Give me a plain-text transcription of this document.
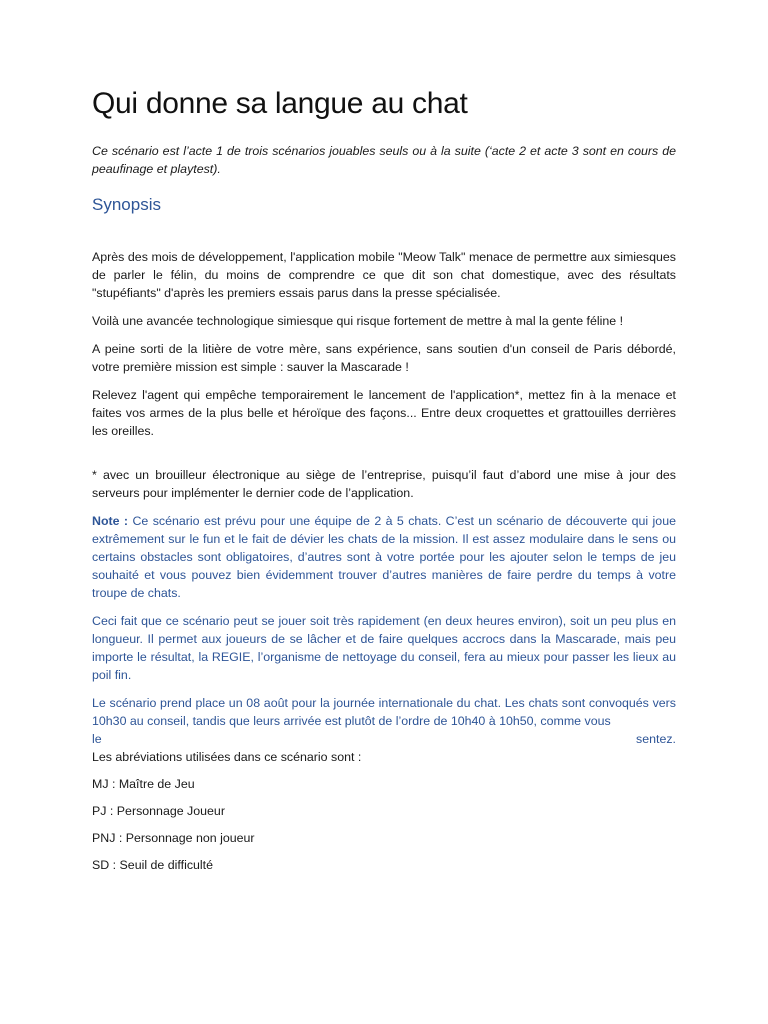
Qui donne sa langue au chat

Ce scénario est l’acte 1 de trois scénarios jouables seuls ou à la suite (‘acte 2 et acte 3 sont en cours de peaufinage et playtest).

Synopsis

Après des mois de développement, l'application mobile "Meow Talk" menace de permettre aux simiesques de parler le félin, du moins de comprendre ce que dit son chat domestique, avec des résultats "stupéfiants" d'après les premiers essais parus dans la presse spécialisée.

Voilà une avancée technologique simiesque qui risque fortement de mettre à mal la gente féline !

A peine sorti de la litière de votre mère, sans expérience, sans soutien d'un conseil de Paris débordé, votre première mission est simple : sauver la Mascarade !

Relevez l'agent qui empêche temporairement le lancement de l'application*, mettez fin à la menace et faites vos armes de la plus belle et héroïque des façons... Entre deux croquettes et grattouilles derrières les oreilles.

* avec un brouilleur électronique au siège de l’entreprise, puisqu’il faut d’abord une mise à jour des serveurs pour implémenter le dernier code de l’application.

Note : Ce scénario est prévu pour une équipe de 2 à 5 chats. C’est un scénario de découverte qui joue extrêmement sur le fun et le fait de dévier les chats de la mission. Il est assez modulaire dans le sens ou certains obstacles sont obligatoires, d’autres sont à votre portée pour les ajouter selon le temps de jeu souhaité et vous pouvez bien évidemment trouver d’autres manières de faire perdre du temps à votre troupe de chats.

Ceci fait que ce scénario peut se jouer soit très rapidement (en deux heures environ), soit un peu plus en longueur. Il permet aux joueurs de se lâcher et de faire quelques accrocs dans la Mascarade, mais peu importe le résultat, la REGIE, l’organisme de nettoyage du conseil, fera au mieux pour passer les lieux au poil fin.

Le scénario prend place un 08 août pour la journée internationale du chat. Les chats sont convoqués vers 10h30 au conseil, tandis que leurs arrivée est plutôt de l’ordre de 10h40 à 10h50, comme vous

le	sentez.

Les abréviations utilisées dans ce scénario sont :

MJ : Maître de Jeu

PJ : Personnage Joueur

PNJ : Personnage non joueur

SD : Seuil de difficulté
